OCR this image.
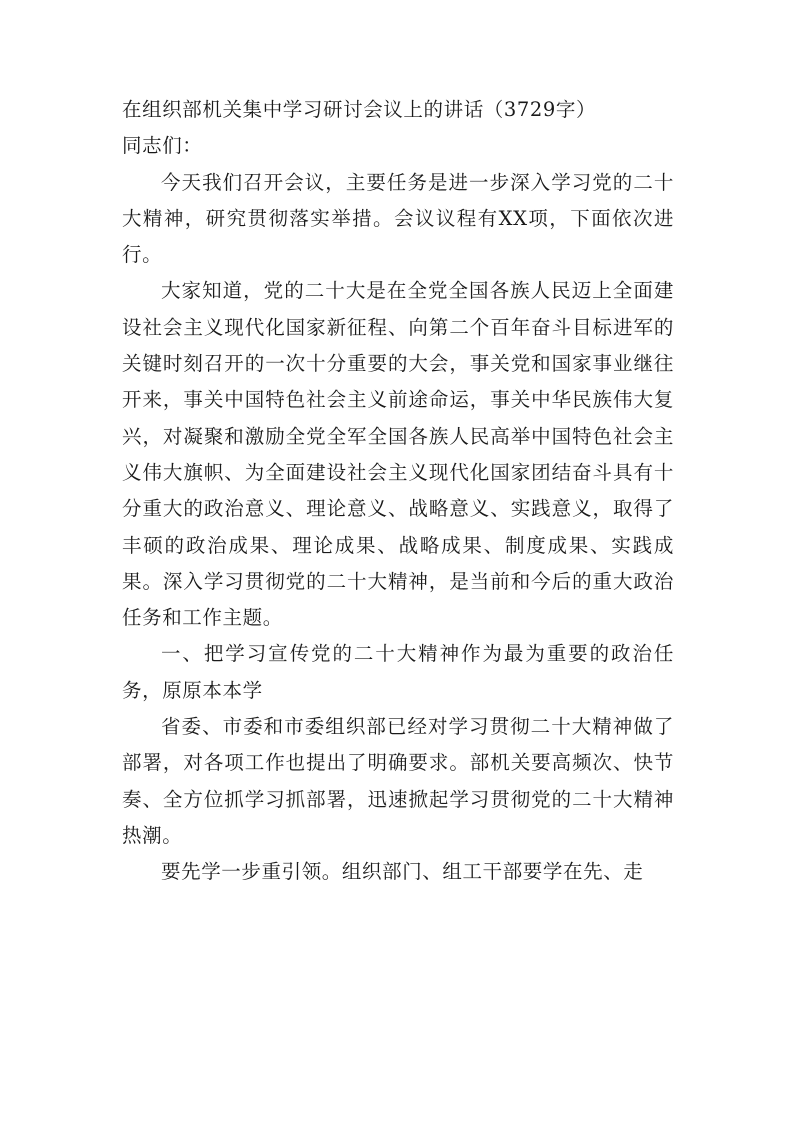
在组织部机关集中学习研讨会议上的讲话（3729字）

同志们：

今天我们召开会议，主要任务是进一步深入学习党的二十大精神，研究贯彻落实举措。会议议程有XX项，下面依次进行。

大家知道，党的二十大是在全党全国各族人民迈上全面建设社会主义现代化国家新征程、向第二个百年奋斗目标进军的关键时刻召开的一次十分重要的大会，事关党和国家事业继往开来，事关中国特色社会主义前途命运，事关中华民族伟大复兴，对凝聚和激励全党全军全国各族人民高举中国特色社会主义伟大旗帜、为全面建设社会主义现代化国家团结奋斗具有十分重大的政治意义、理论意义、战略意义、实践意义，取得了丰硕的政治成果、理论成果、战略成果、制度成果、实践成果。深入学习贯彻党的二十大精神，是当前和今后的重大政治任务和工作主题。

一、把学习宣传党的二十大精神作为最为重要的政治任务，原原本本学

省委、市委和市委组织部已经对学习贯彻二十大精神做了部署，对各项工作也提出了明确要求。部机关要高频次、快节奏、全方位抓学习抓部署，迅速掀起学习贯彻党的二十大精神热潮。

要先学一步重引领。组织部门、组工干部要学在先、走
